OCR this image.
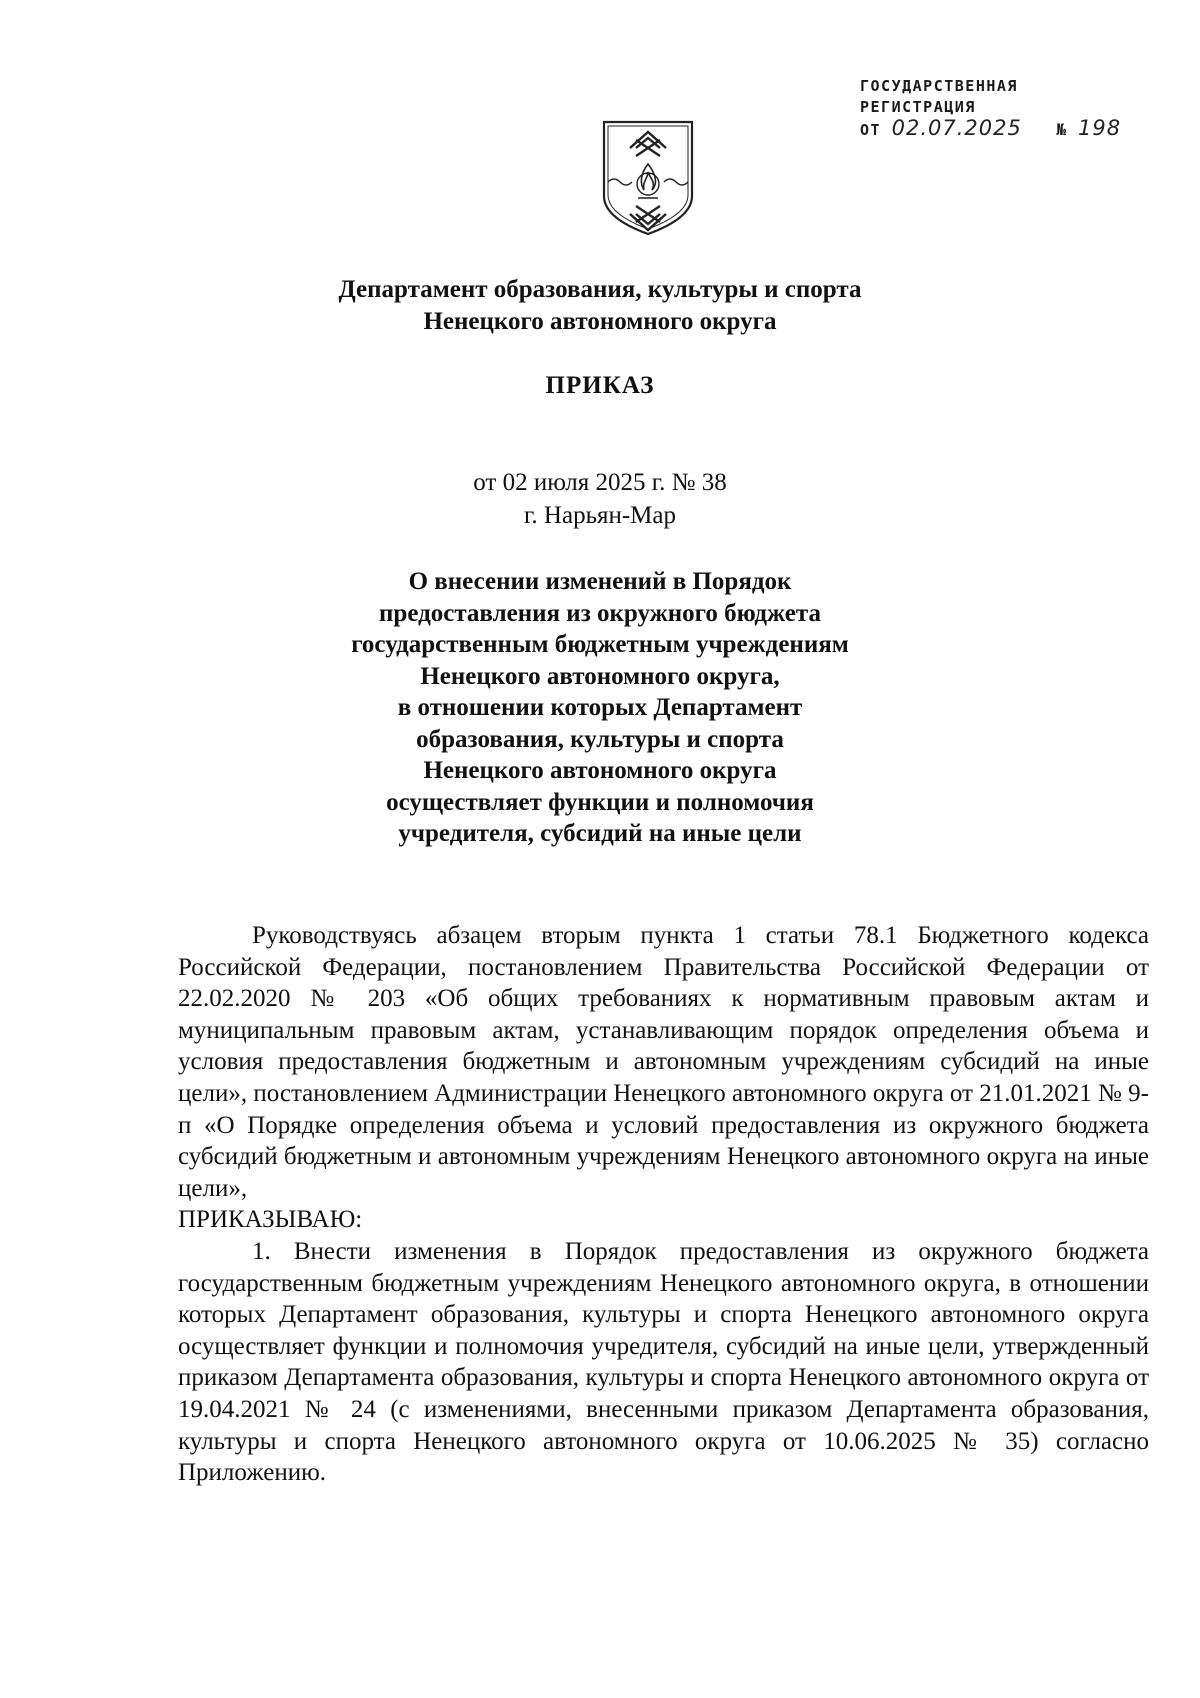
ГОСУДАРСТВЕННАЯ
РЕГИСТРАЦИЯ
ОТ 02.07.2025 № 198
Департамент образования, культуры и спорта
Ненецкого автономного округа
ПРИКАЗ
от 02 июля 2025 г. № 38
г. Нарьян-Мар
О внесении изменений в Порядок
предоставления из окружного бюджета
государственным бюджетным учреждениям
Ненецкого автономного округа,
в отношении которых Департамент
образования, культуры и спорта
Ненецкого автономного округа
осуществляет функции и полномочия
учредителя, субсидий на иные цели

Руководствуясь абзацем вторым пункта 1 статьи 78.1 Бюджетного кодекса Российской Федерации, постановлением Правительства Российской Федерации от 22.02.2020 № 203 «Об общих требованиях к нормативным правовым актам и муниципальным правовым актам, устанавливающим порядок определения объема и условия предоставления бюджетным и автономным учреждениям субсидий на иные цели», постановлением Администрации Ненецкого автономного округа от 21.01.2021 № 9-п «О Порядке определения объема и условий предоставления из окружного бюджета субсидий бюджетным и автономным учреждениям Ненецкого автономного округа на иные цели»,

ПРИКАЗЫВАЮ:

1. Внести изменения в Порядок предоставления из окружного бюджета государственным бюджетным учреждениям Ненецкого автономного округа, в отношении которых Департамент образования, культуры и спорта Ненецкого автономного округа осуществляет функции и полномочия учредителя, субсидий на иные цели, утвержденный приказом Департамента образования, культуры и спорта Ненецкого автономного округа от 19.04.2021 № 24 (с изменениями, внесенными приказом Департамента образования, культуры и спорта Ненецкого автономного округа от 10.06.2025 № 35) согласно Приложению.
